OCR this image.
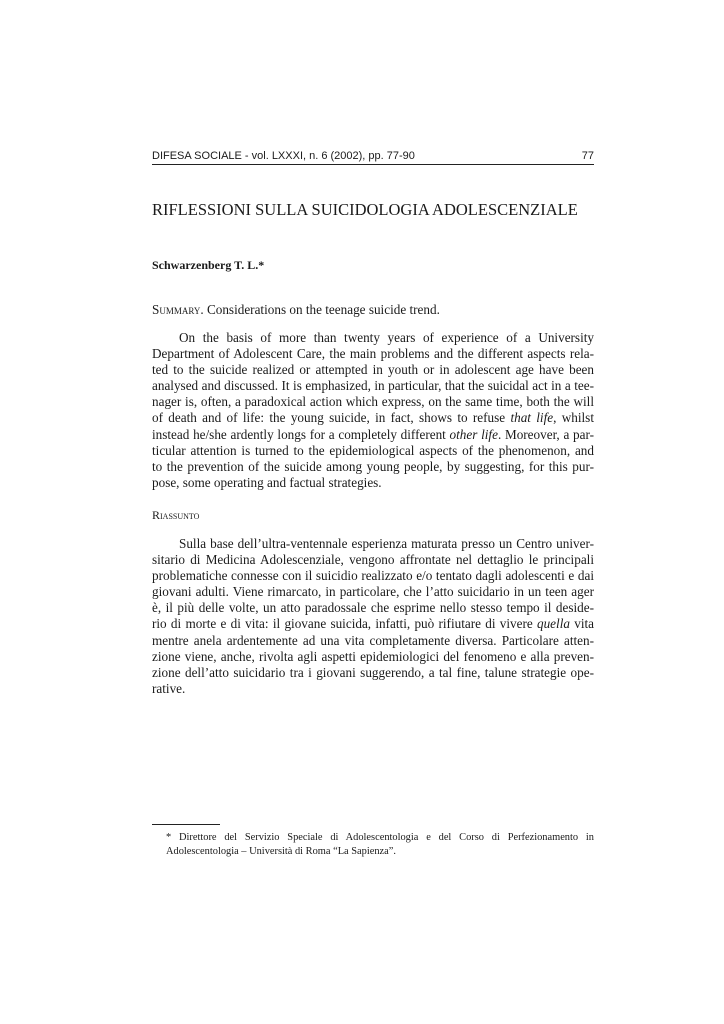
DIFESA SOCIALE - vol. LXXXI, n. 6 (2002), pp. 77-90	77
RIFLESSIONI SULLA SUICIDOLOGIA ADOLESCENZIALE
Schwarzenberg T. L.*
Summary. Considerations on the teenage suicide trend.
On the basis of more than twenty years of experience of a University
Department of Adolescent Care, the main problems and the different aspects rela-
ted to the suicide realized or attempted in youth or in adolescent age have been
analysed and discussed. It is emphasized, in particular, that the suicidal act in a tee-
nager is, often, a paradoxical action which express, on the same time, both the will
of death and of life: the young suicide, in fact, shows to refuse that life, whilst
instead he/she ardently longs for a completely different other life. Moreover, a par-
ticular attention is turned to the epidemiological aspects of the phenomenon, and
to the prevention of the suicide among young people, by suggesting, for this pur-
pose, some operating and factual strategies.
Riassunto
Sulla base dell’ultra-ventennale esperienza maturata presso un Centro univer-
sitario di Medicina Adolescenziale, vengono affrontate nel dettaglio le principali
problematiche connesse con il suicidio realizzato e/o tentato dagli adolescenti e dai
giovani adulti. Viene rimarcato, in particolare, che l’atto suicidario in un teen ager
è, il più delle volte, un atto paradossale che esprime nello stesso tempo il deside-
rio di morte e di vita: il giovane suicida, infatti, può rifiutare di vivere quella vita
mentre anela ardentemente ad una vita completamente diversa. Particolare atten-
zione viene, anche, rivolta agli aspetti epidemiologici del fenomeno e alla preven-
zione dell’atto suicidario tra i giovani suggerendo, a tal fine, talune strategie ope-
rative.
* Direttore del Servizio Speciale di Adolescentologia e del Corso di Perfezionamento in
Adolescentologia – Università di Roma “La Sapienza”.
